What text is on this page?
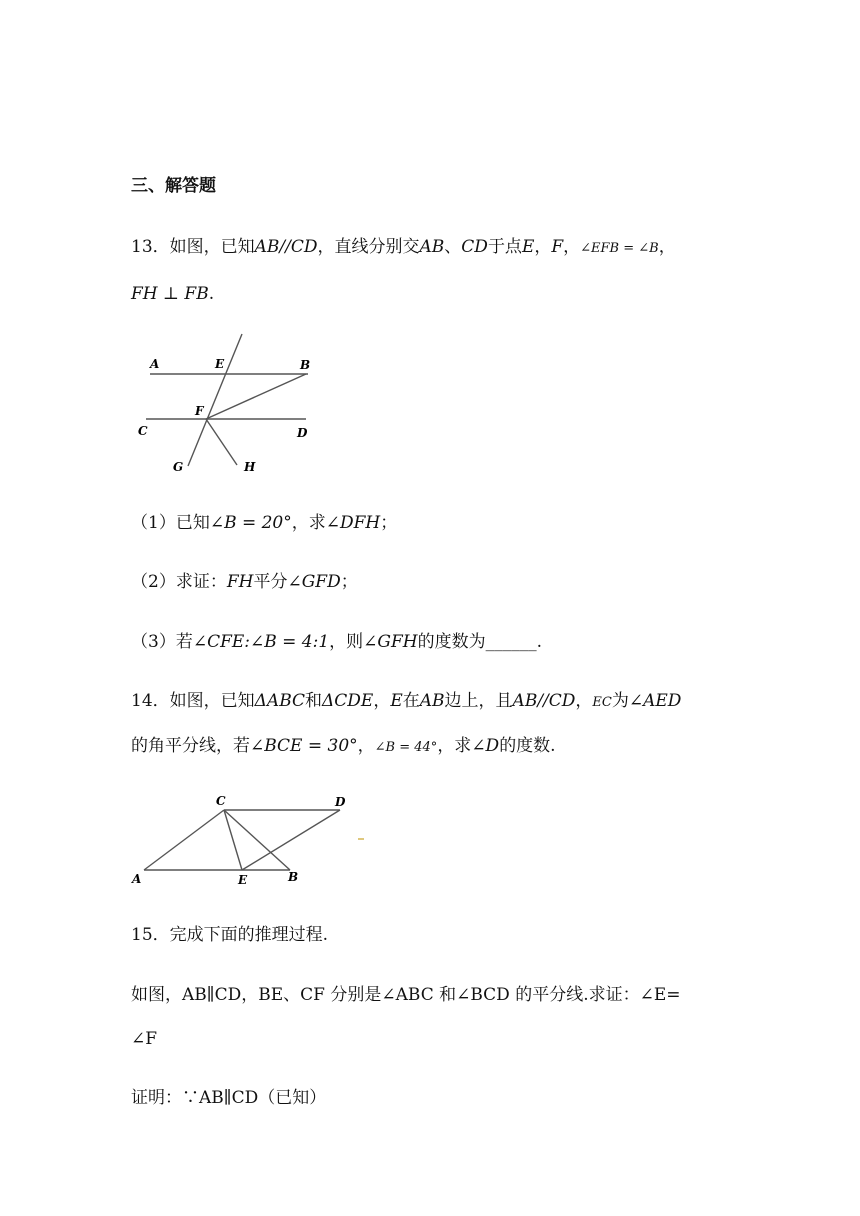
三、解答题
13．如图，已知AB//CD，直线分别交AB、CD于点E，F，∠EFB = ∠B，
FH ⊥ FB.
A	E	B
F
C	D
G	H
（1）已知∠B = 20°，求∠DFH；
（2）求证：FH平分∠GFD；
（3）若∠CFE:∠B = 4:1，则∠GFH的度数为______.
14．如图，已知ΔABC和ΔCDE，E在AB边上，且AB//CD，EC为∠AED
的角平分线，若∠BCE = 30°，∠B = 44°，求∠D的度数.
A
C	D
E	B
15．完成下面的推理过程.
如图，AB∥CD，BE、CF 分别是∠ABC 和∠BCD 的平分线.求证：∠E=
∠F
证明：∵AB∥CD（已知）
